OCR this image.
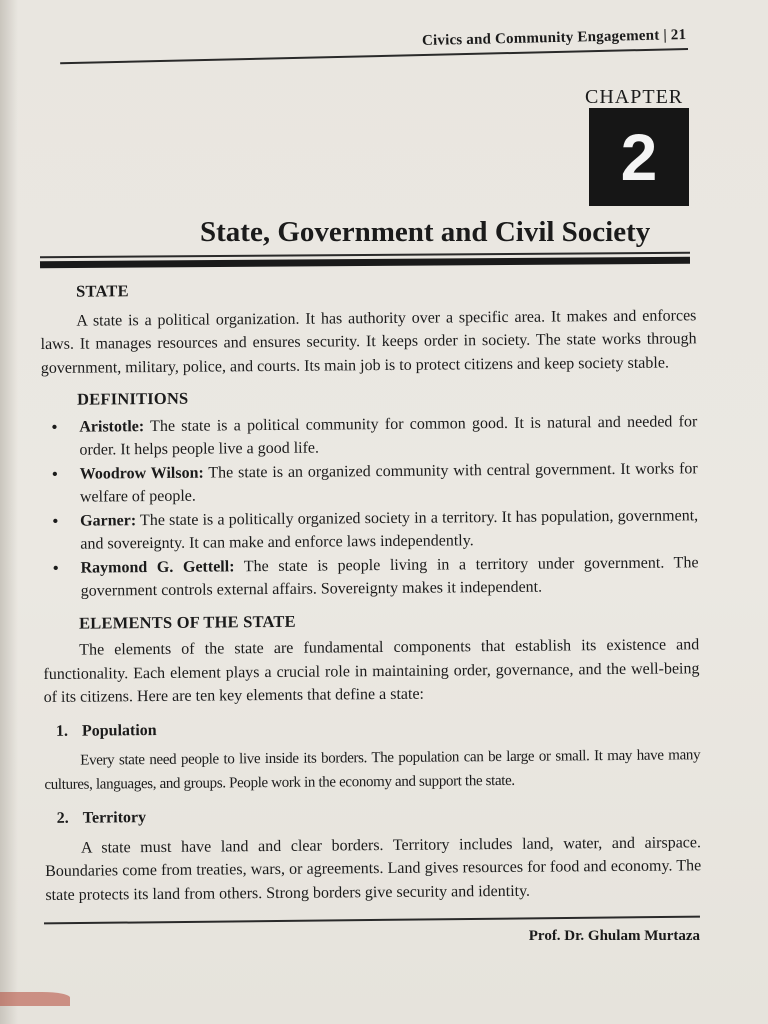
Civics and Community Engagement | 21
CHAPTER
2
State, Government and Civil Society
STATE

A state is a political organization. It has authority over a specific area. It makes and enforces laws. It manages resources and ensures security. It keeps order in society. The state works through government, military, police, and courts. Its main job is to protect citizens and keep society stable.

DEFINITIONS
• Aristotle: The state is a political community for common good. It is natural and needed for order. It helps people live a good life.
• Woodrow Wilson: The state is an organized community with central government. It works for welfare of people.
• Garner: The state is a politically organized society in a territory. It has population, government, and sovereignty. It can make and enforce laws independently.
• Raymond G. Gettell: The state is people living in a territory under government. The government controls external affairs. Sovereignty makes it independent.
ELEMENTS OF THE STATE

The elements of the state are fundamental components that establish its existence and functionality. Each element plays a crucial role in maintaining order, governance, and the well-being of its citizens. Here are ten key elements that define a state:

1. Population

Every state need people to live inside its borders. The population can be large or small. It may have many cultures, languages, and groups. People work in the economy and support the state.

2. Territory

A state must have land and clear borders. Territory includes land, water, and airspace. Boundaries come from treaties, wars, or agreements. Land gives resources for food and economy. The state protects its land from others. Strong borders give security and identity.

Prof. Dr. Ghulam Murtaza
